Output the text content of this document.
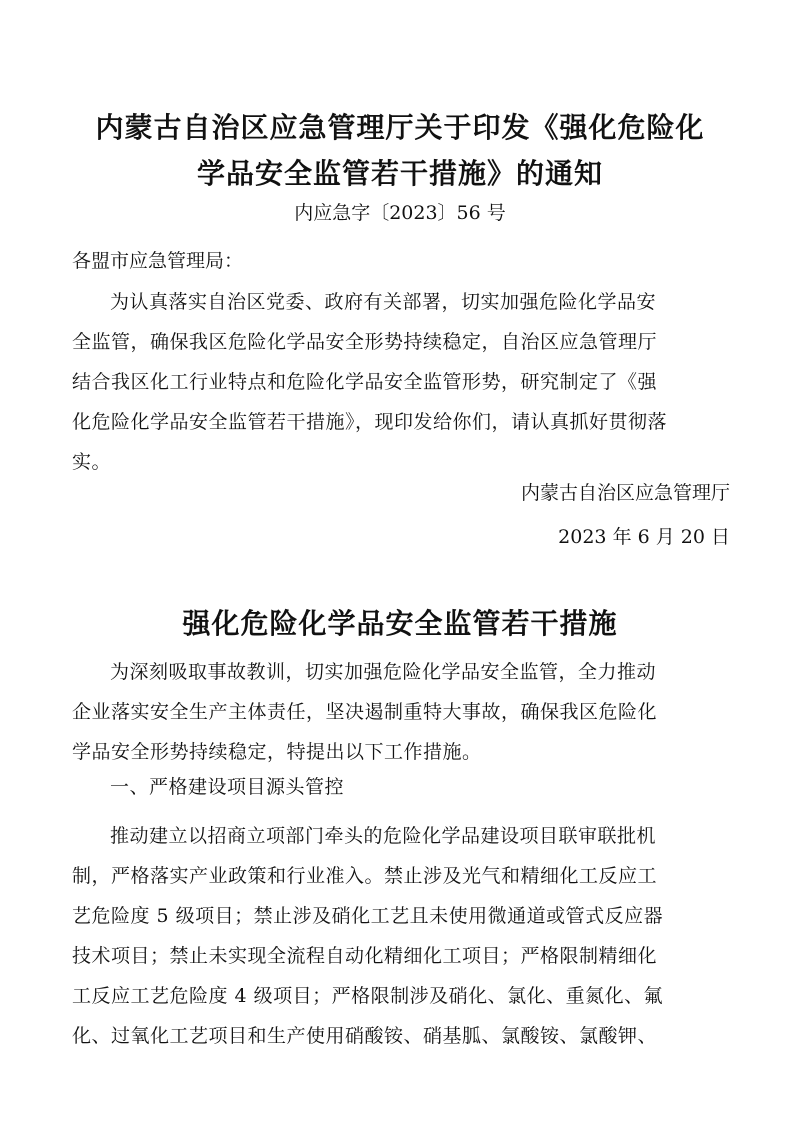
内蒙古自治区应急管理厅关于印发《强化危险化
学品安全监管若干措施》的通知
内应急字〔2023〕56 号
各盟市应急管理局：
为认真落实自治区党委、政府有关部署，切实加强危险化学品安
全监管，确保我区危险化学品安全形势持续稳定，自治区应急管理厅
结合我区化工行业特点和危险化学品安全监管形势，研究制定了《强
化危险化学品安全监管若干措施》，现印发给你们，请认真抓好贯彻落
实。
内蒙古自治区应急管理厅
2023 年 6 月 20 日
强化危险化学品安全监管若干措施
为深刻吸取事故教训，切实加强危险化学品安全监管，全力推动
企业落实安全生产主体责任，坚决遏制重特大事故，确保我区危险化
学品安全形势持续稳定，特提出以下工作措施。
一、严格建设项目源头管控
推动建立以招商立项部门牵头的危险化学品建设项目联审联批机
制，严格落实产业政策和行业准入。禁止涉及光气和精细化工反应工
艺危险度 5 级项目；禁止涉及硝化工艺且未使用微通道或管式反应器
技术项目；禁止未实现全流程自动化精细化工项目；严格限制精细化
工反应工艺危险度 4 级项目；严格限制涉及硝化、氯化、重氮化、氟
化、过氧化工艺项目和生产使用硝酸铵、硝基胍、氯酸铵、氯酸钾、
